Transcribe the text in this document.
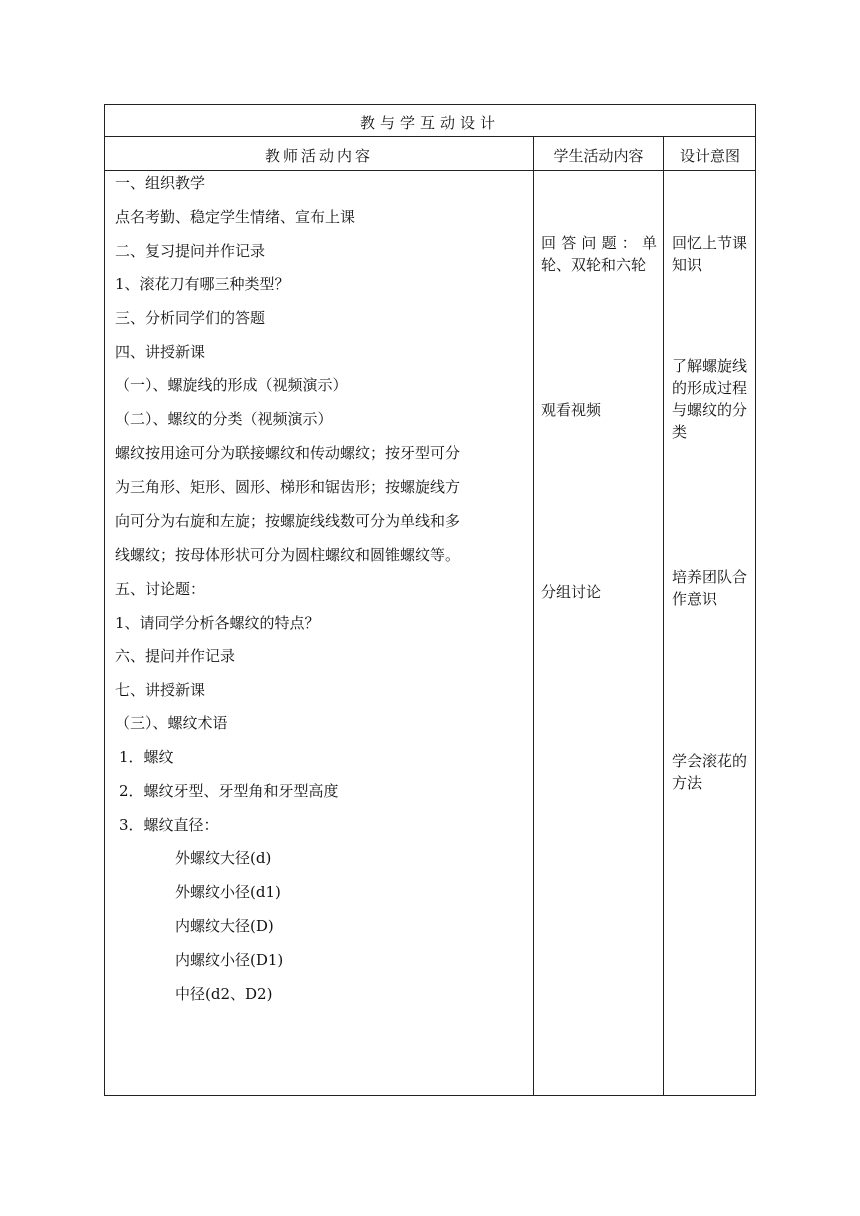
教与学互动设计
教师活动内容	学生活动内容	设计意图
一、组织教学
点名考勤、稳定学生情绪、宣布上课
二、复习提问并作记录
1、滚花刀有哪三种类型？
三、分析同学们的答题
四、讲授新课
（一）、螺旋线的形成（视频演示）
（二）、螺纹的分类（视频演示）
螺纹按用途可分为联接螺纹和传动螺纹；按牙型可分
为三角形、矩形、圆形、梯形和锯齿形；按螺旋线方
向可分为右旋和左旋；按螺旋线线数可分为单线和多
线螺纹；按母体形状可分为圆柱螺纹和圆锥螺纹等。
五、讨论题：
1、请同学分析各螺纹的特点？
六、提问并作记录
七、讲授新课
（三）、螺纹术语
1．螺纹
2．螺纹牙型、牙型角和牙型高度
3．螺纹直径：
外螺纹大径(d)
外螺纹小径(d1)
内螺纹大径(D)
内螺纹小径(D1)
中径(d2、D2)
回答问题：单轮、双轮和六轮
观看视频
分组讨论
回忆上节课知识
了解螺旋线的形成过程与螺纹的分类
培养团队合作意识
学会滚花的方法
